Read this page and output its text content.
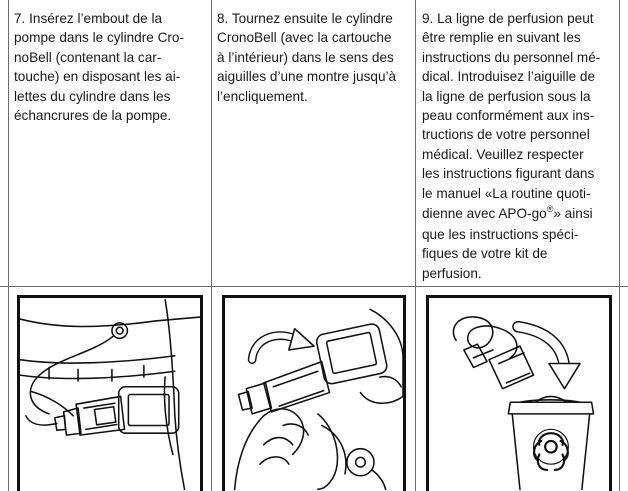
7. Insérez l’embout de la
pompe dans le cylindre Cro-
noBell (contenant la car-
touche) en disposant les ai-
lettes du cylindre dans les
échancrures de la pompe.
8. Tournez ensuite le cylindre
CronoBell (avec la cartouche
à l’intérieur) dans le sens des
aiguilles d’une montre jusqu’à
l’encliquement.
9. La ligne de perfusion peut
être remplie en suivant les
instructions du personnel mé-
dical. Introduisez l’aiguille de
la ligne de perfusion sous la
peau conformément aux ins-
tructions de votre personnel
médical. Veuillez respecter
les instructions figurant dans
le manuel «La routine quoti-
dienne avec APO-go®» ainsi
que les instructions spéci-
fiques de votre kit de
perfusion.
